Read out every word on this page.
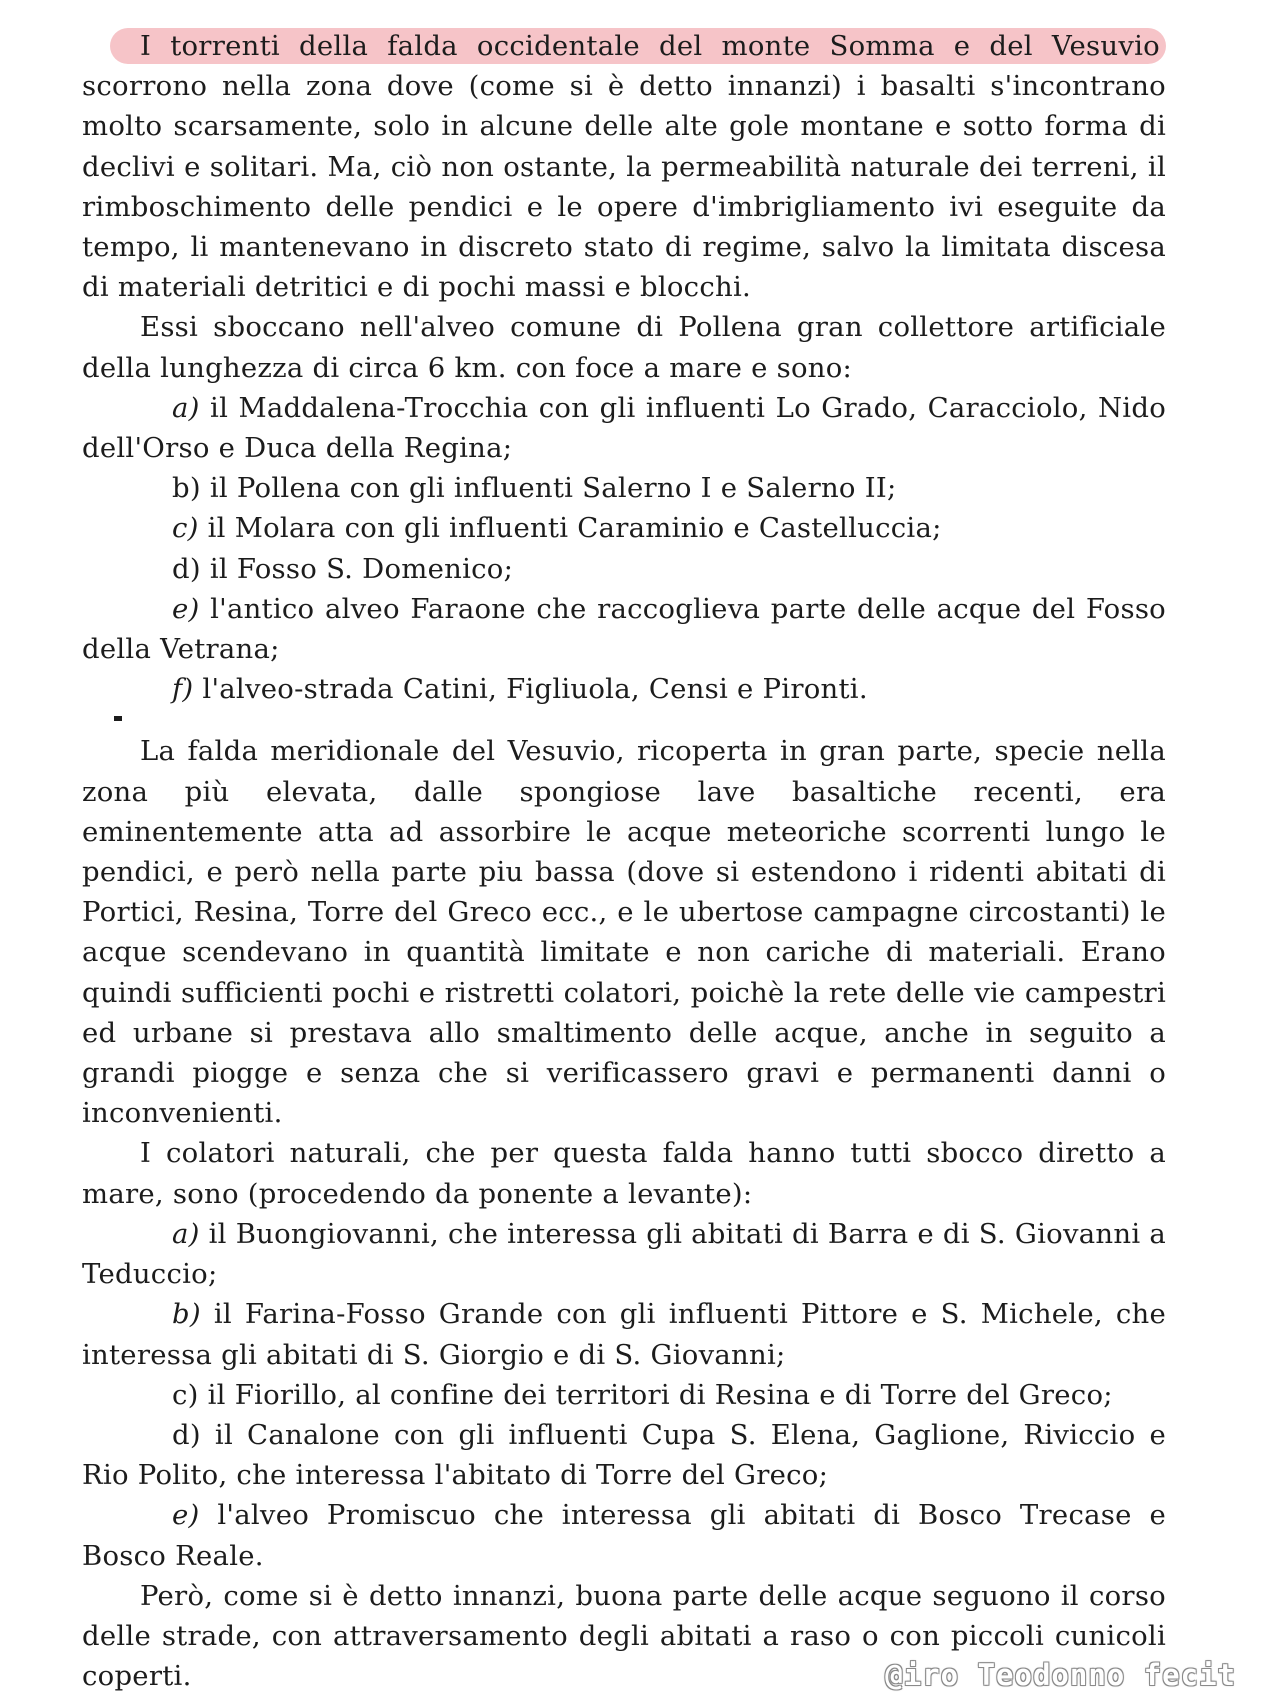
I torrenti della falda occidentale del monte Somma e del Vesuvio scorrono nella zona dove (come si è detto innanzi) i basalti s'incontrano molto scarsamente, solo in alcune delle alte gole montane e sotto forma di declivi e solitari. Ma, ciò non ostante, la permeabilità naturale dei terreni, il rimboschimento delle pendici e le opere d'imbrigliamento ivi eseguite da tempo, li mantenevano in discreto stato di regime, salvo la limitata discesa di materiali detritici e di pochi massi e blocchi.

Essi sboccano nell'alveo comune di Pollena gran collettore artificiale della lunghezza di circa 6 km. con foce a mare e sono:

a) il Maddalena-Trocchia con gli influenti Lo Grado, Caracciolo, Nido dell'Orso e Duca della Regina;

b) il Pollena con gli influenti Salerno I e Salerno II;

c) il Molara con gli influenti Caraminio e Castelluccia;

d) il Fosso S. Domenico;

e) l'antico alveo Faraone che raccoglieva parte delle acque del Fosso della Vetrana;

f) l'alveo-strada Catini, Figliuola, Censi e Pironti.

La falda meridionale del Vesuvio, ricoperta in gran parte, specie nella zona più elevata, dalle spongiose lave basaltiche recenti, era eminentemente atta ad assorbire le acque meteoriche scorrenti lungo le pendici, e però nella parte piu bassa (dove si estendono i ridenti abitati di Portici, Resina, Torre del Greco ecc., e le ubertose campagne circostanti) le acque scendevano in quantità limitate e non cariche di materiali. Erano quindi sufficienti pochi e ristretti colatori, poichè la rete delle vie campestri ed urbane si prestava allo smaltimento delle acque, anche in seguito a grandi piogge e senza che si verificassero gravi e permanenti danni o inconvenienti.

I colatori naturali, che per questa falda hanno tutti sbocco diretto a mare, sono (procedendo da ponente a levante):

a) il Buongiovanni, che interessa gli abitati di Barra e di S. Giovanni a Teduccio;

b) il Farina-Fosso Grande con gli influenti Pittore e S. Michele, che interessa gli abitati di S. Giorgio e di S. Giovanni;

c) il Fiorillo, al confine dei territori di Resina e di Torre del Greco;

d) il Canalone con gli influenti Cupa S. Elena, Gaglione, Riviccio e Rio Polito, che interessa l'abitato di Torre del Greco;

e) l'alveo Promiscuo che interessa gli abitati di Bosco Trecase e Bosco Reale.

Però, come si è detto innanzi, buona parte delle acque seguono il corso delle strade, con attraversamento degli abitati a raso o con piccoli cunicoli coperti.	@iro Teodonno fecit
